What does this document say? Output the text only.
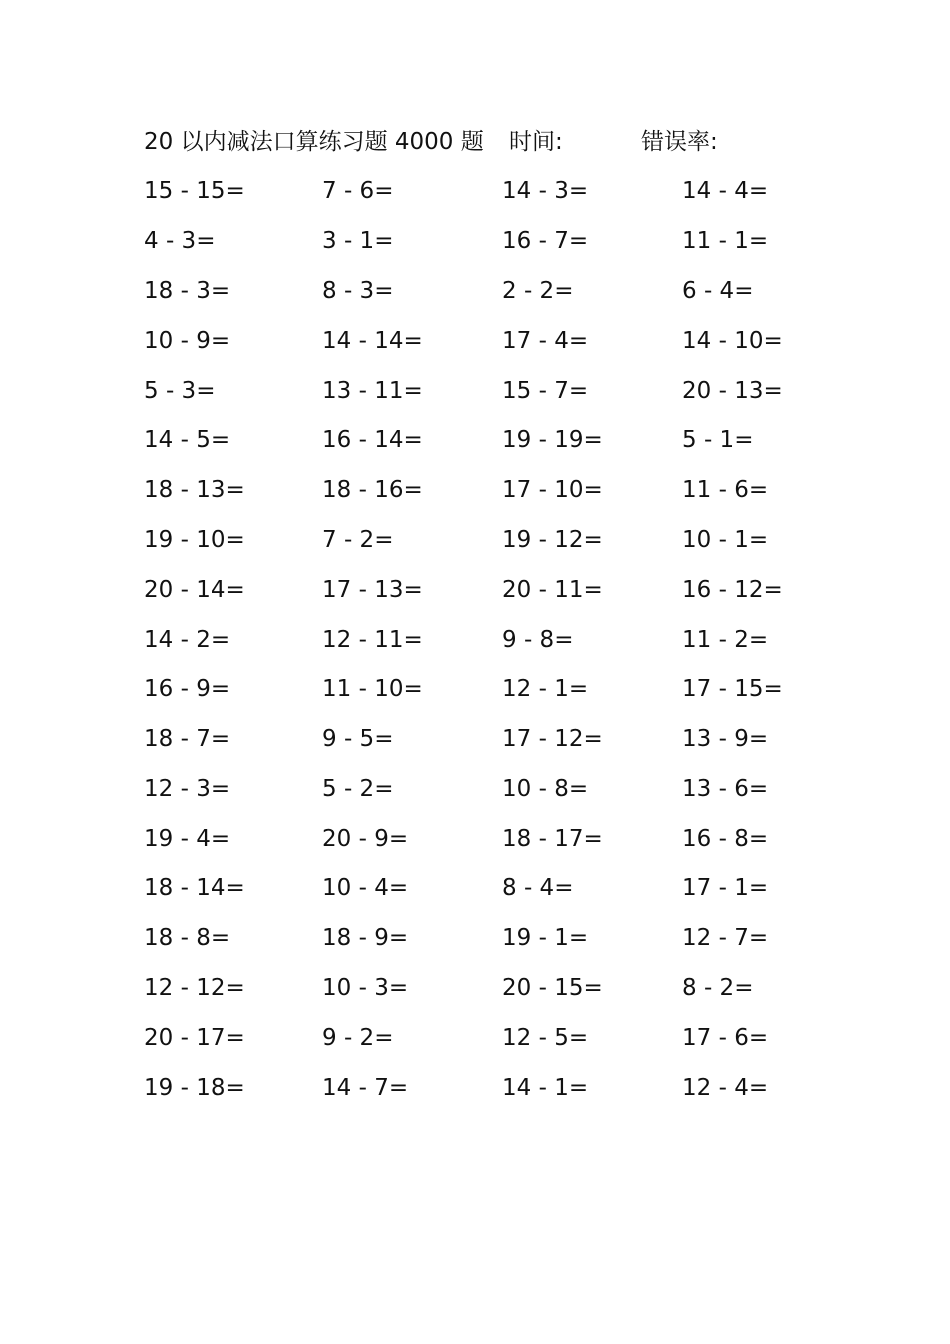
20 以内减法口算练习题 4000 题 时间:	错误率:
15 - 15=	7 - 6=	14 - 3=	14 - 4=
4 - 3=	3 - 1=	16 - 7=	11 - 1=
18 - 3=	8 - 3=	2 - 2=	6 - 4=
10 - 9=	14 - 14=	17 - 4=	14 - 10=
5 - 3=	13 - 11=	15 - 7=	20 - 13=
14 - 5=	16 - 14=	19 - 19=	5 - 1=
18 - 13=	18 - 16=	17 - 10=	11 - 6=
19 - 10=	7 - 2=	19 - 12=	10 - 1=
20 - 14=	17 - 13=	20 - 11=	16 - 12=
14 - 2=	12 - 11=	9 - 8=	11 - 2=
16 - 9=	11 - 10=	12 - 1=	17 - 15=
18 - 7=	9 - 5=	17 - 12=	13 - 9=
12 - 3=	5 - 2=	10 - 8=	13 - 6=
19 - 4=	20 - 9=	18 - 17=	16 - 8=
18 - 14=	10 - 4=	8 - 4=	17 - 1=
18 - 8=	18 - 9=	19 - 1=	12 - 7=
12 - 12=	10 - 3=	20 - 15=	8 - 2=
20 - 17=	9 - 2=	12 - 5=	17 - 6=
19 - 18=	14 - 7=	14 - 1=	12 - 4=
